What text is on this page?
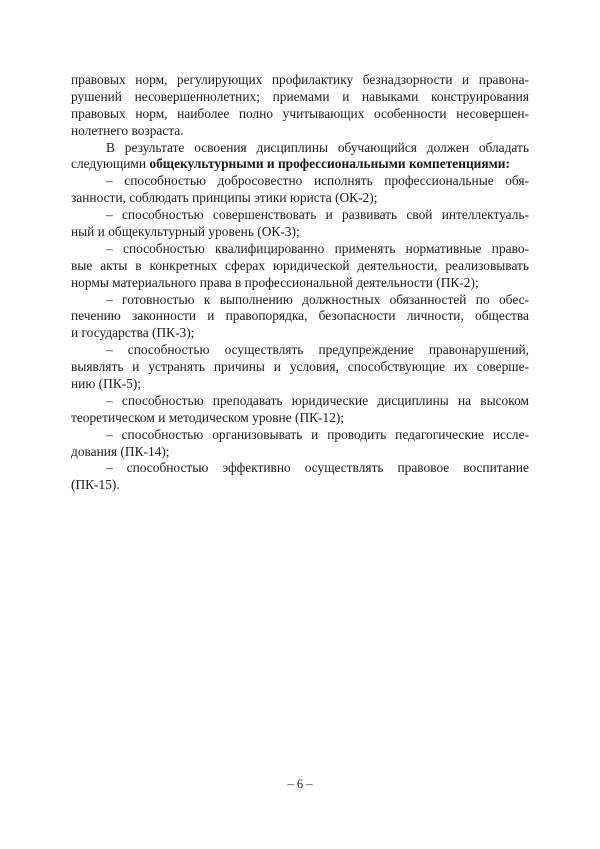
правовых норм, регулирующих профилактику безнадзорности и правона-
рушений несовершеннолетних; приемами и навыками конструирования
правовых норм, наиболее полно учитывающих особенности несовершен-
нолетнего возраста.
В результате освоения дисциплины обучающийся должен обладать
следующими общекультурными и профессиональными компетенциями:
– способностью добросовестно исполнять профессиональные обя-
занности, соблюдать принципы этики юриста (ОК-2);
– способностью совершенствовать и развивать свой интеллектуаль-
ный и общекультурный уровень (ОК-3);
– способностью квалифицированно применять нормативные право-
вые акты в конкретных сферах юридической деятельности, реализовывать
нормы материального права в профессиональной деятельности (ПК-2);
– готовностью к выполнению должностных обязанностей по обес-
печению законности и правопорядка, безопасности личности, общества
и государства (ПК-3);
– способностью осуществлять предупреждение правонарушений,
выявлять и устранять причины и условия, способствующие их соверше-
нию (ПК-5);
– способностью преподавать юридические дисциплины на высоком
теоретическом и методическом уровне (ПК-12);
– способностью организовывать и проводить педагогические иссле-
дования (ПК-14);
– способностью эффективно осуществлять правовое воспитание
(ПК-15).
– 6 –
